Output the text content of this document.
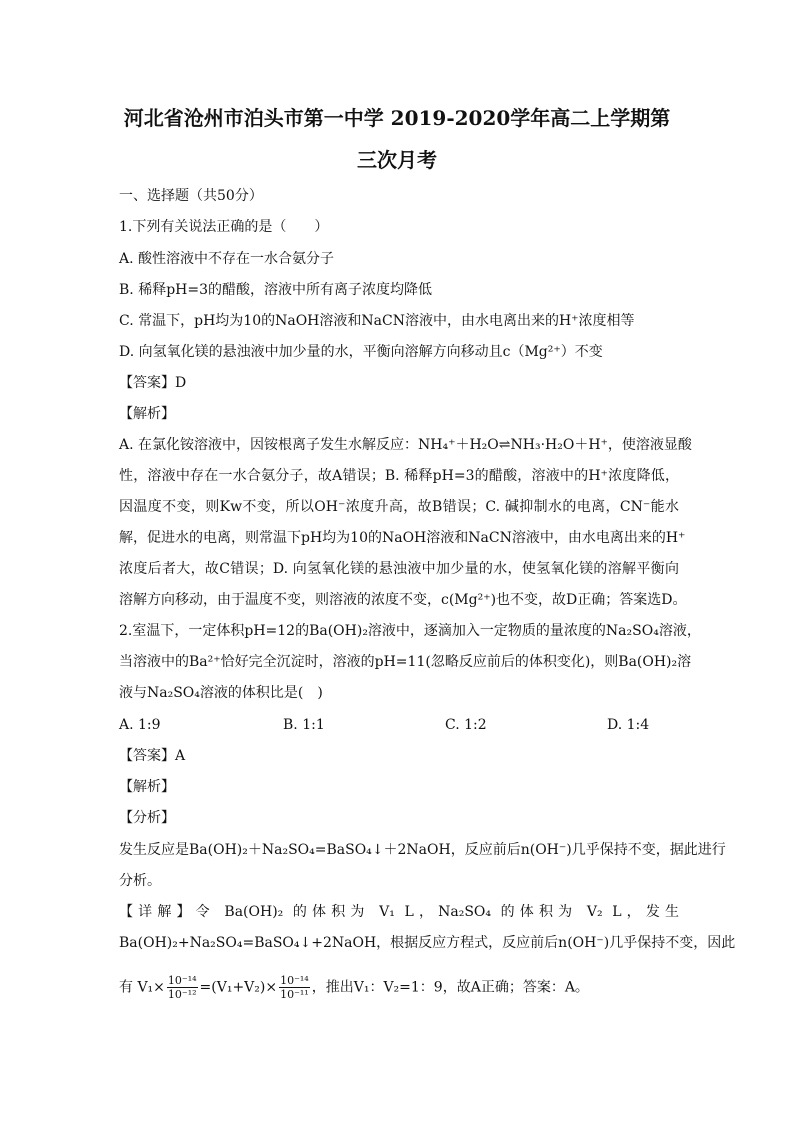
河北省沧州市泊头市第一中学 2019-2020学年高二上学期第
三次月考

一、选择题（共50分）

1.下列有关说法正确的是（　　）

A. 酸性溶液中不存在一水合氨分子

B. 稀释pH=3的醋酸，溶液中所有离子浓度均降低

C. 常温下，pH均为10的NaOH溶液和NaCN溶液中，由水电离出来的H⁺浓度相等

D. 向氢氧化镁的悬浊液中加少量的水，平衡向溶解方向移动且c（Mg²⁺）不变

【答案】D

【解析】

A. 在氯化铵溶液中，因铵根离子发生水解反应：NH₄⁺＋H₂O⇌NH₃·H₂O＋H⁺，使溶液显酸

性，溶液中存在一水合氨分子，故A错误；B. 稀释pH=3的醋酸，溶液中的H⁺浓度降低，

因温度不变，则Kw不变，所以OH⁻浓度升高，故B错误；C. 碱抑制水的电离，CN⁻能水

解，促进水的电离，则常温下pH均为10的NaOH溶液和NaCN溶液中，由水电离出来的H⁺

浓度后者大，故C错误；D. 向氢氧化镁的悬浊液中加少量的水，使氢氧化镁的溶解平衡向

溶解方向移动，由于温度不变，则溶液的浓度不变，c(Mg²⁺)也不变，故D正确；答案选D。

2.室温下，一定体积pH=12的Ba(OH)₂溶液中，逐滴加入一定物质的量浓度的Na₂SO₄溶液，

当溶液中的Ba²⁺恰好完全沉淀时，溶液的pH=11(忽略反应前后的体积变化)，则Ba(OH)₂溶

液与Na₂SO₄溶液的体积比是(　)

A. 1:9	B. 1:1	C. 1:2	D. 1:4

【答案】A

【解析】

【分析】

发生反应是Ba(OH)₂＋Na₂SO₄=BaSO₄↓＋2NaOH，反应前后n(OH⁻)几乎保持不变，据此进行

分析。

【详解】令 Ba(OH)₂ 的体积为 V₁ L，Na₂SO₄ 的体积为 V₂ L，发生

Ba(OH)₂+Na₂SO₄=BaSO₄↓+2NaOH，根据反应方程式，反应前后n(OH⁻)几乎保持不变，因此

有 $V_1\times \frac{\text{10⁻¹⁴}}{\text{10⁻¹²}} =(V_1+V_2)\times \frac{\text{10⁻¹⁴}}{\text{10⁻¹¹}}$ ，推出V₁：V₂=1：9，故A正确；答案：A。
